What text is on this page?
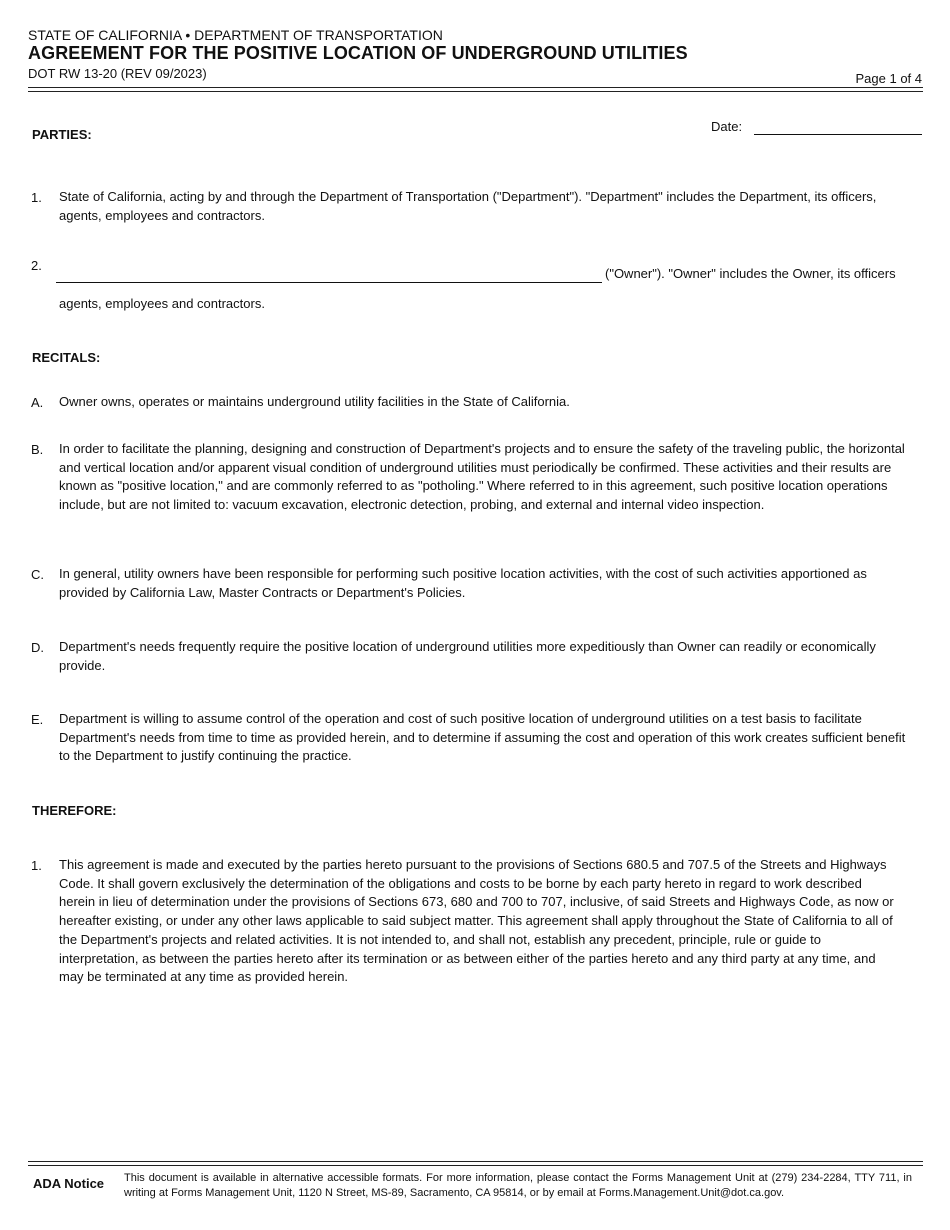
STATE OF CALIFORNIA • DEPARTMENT OF TRANSPORTATION
AGREEMENT FOR THE POSITIVE LOCATION OF UNDERGROUND UTILITIES
DOT RW 13-20 (REV 09/2023)	Page 1 of 4
PARTIES:
Date:
1. State of California, acting by and through the Department of Transportation ("Department"). "Department" includes the Department, its officers, agents, employees and contractors.
2.
("Owner"). "Owner" includes the Owner, its officers
agents, employees and contractors.
RECITALS:
A. Owner owns, operates or maintains underground utility facilities in the State of California.
B. In order to facilitate the planning, designing and construction of Department's projects and to ensure the safety of the traveling public, the horizontal and vertical location and/or apparent visual condition of underground utilities must periodically be confirmed. These activities and their results are known as "positive location," and are commonly referred to as "potholing." Where referred to in this agreement, such positive location operations include, but are not limited to: vacuum excavation, electronic detection, probing, and external and internal video inspection.
C. In general, utility owners have been responsible for performing such positive location activities, with the cost of such activities apportioned as provided by California Law, Master Contracts or Department's Policies.
D. Department's needs frequently require the positive location of underground utilities more expeditiously than Owner can readily or economically provide.
E. Department is willing to assume control of the operation and cost of such positive location of underground utilities on a test basis to facilitate Department's needs from time to time as provided herein, and to determine if assuming the cost and operation of this work creates sufficient benefit to the Department to justify continuing the practice.
THEREFORE:
1. This agreement is made and executed by the parties hereto pursuant to the provisions of Sections 680.5 and 707.5 of the Streets and Highways Code. It shall govern exclusively the determination of the obligations and costs to be borne by each party hereto in regard to work described herein in lieu of determination under the provisions of Sections 673, 680 and 700 to 707, inclusive, of said Streets and Highways Code, as now or hereafter existing, or under any other laws applicable to said subject matter. This agreement shall apply throughout the State of California to all of the Department's projects and related activities. It is not intended to, and shall not, establish any precedent, principle, rule or guide to interpretation, as between the parties hereto after its termination or as between either of the parties hereto and any third party at any time, and may be terminated at any time as provided herein.
ADA Notice This document is available in alternative accessible formats. For more information, please contact the Forms Management Unit at (279) 234-2284, TTY 711, in writing at Forms Management Unit, 1120 N Street, MS-89, Sacramento, CA 95814, or by email at Forms.Management.Unit@dot.ca.gov.
